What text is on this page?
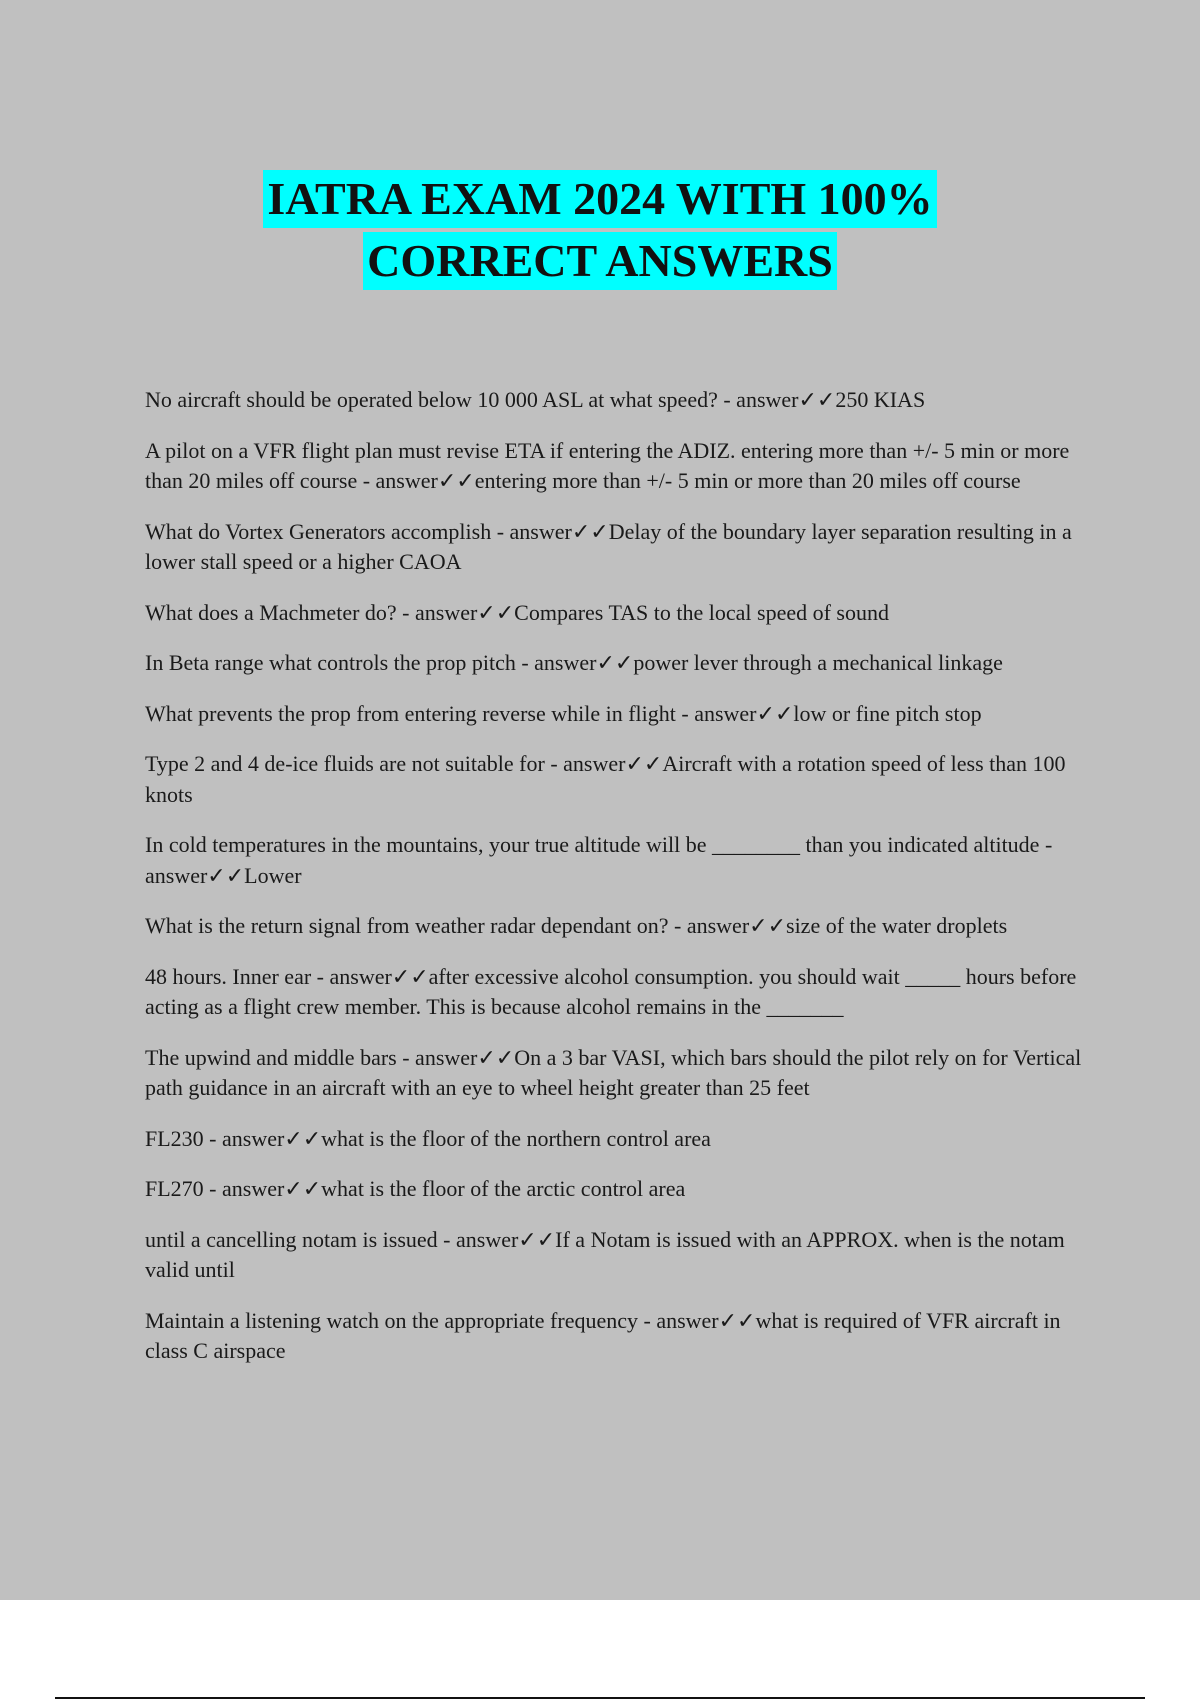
IATRA EXAM 2024 WITH 100%
CORRECT ANSWERS

No aircraft should be operated below 10 000 ASL at what speed? - answer✓✓250 KIAS

A pilot on a VFR flight plan must revise ETA if entering the ADIZ. entering more than +/- 5 min or more than 20 miles off course - answer✓✓entering more than +/- 5 min or more than 20 miles off course

What do Vortex Generators accomplish - answer✓✓Delay of the boundary layer separation resulting in a lower stall speed or a higher CAOA

What does a Machmeter do? - answer✓✓Compares TAS to the local speed of sound

In Beta range what controls the prop pitch - answer✓✓power lever through a mechanical linkage

What prevents the prop from entering reverse while in flight - answer✓✓low or fine pitch stop

Type 2 and 4 de-ice fluids are not suitable for - answer✓✓Aircraft with a rotation speed of less than 100 knots

In cold temperatures in the mountains, your true altitude will be ________ than you indicated altitude - answer✓✓Lower

What is the return signal from weather radar dependant on? - answer✓✓size of the water droplets

48 hours. Inner ear - answer✓✓after excessive alcohol consumption. you should wait _____ hours before acting as a flight crew member. This is because alcohol remains in the _______

The upwind and middle bars - answer✓✓On a 3 bar VASI, which bars should the pilot rely on for Vertical path guidance in an aircraft with an eye to wheel height greater than 25 feet

FL230 - answer✓✓what is the floor of the northern control area

FL270 - answer✓✓what is the floor of the arctic control area

until a cancelling notam is issued - answer✓✓If a Notam is issued with an APPROX. when is the notam valid until

Maintain a listening watch on the appropriate frequency - answer✓✓what is required of VFR aircraft in class C airspace
